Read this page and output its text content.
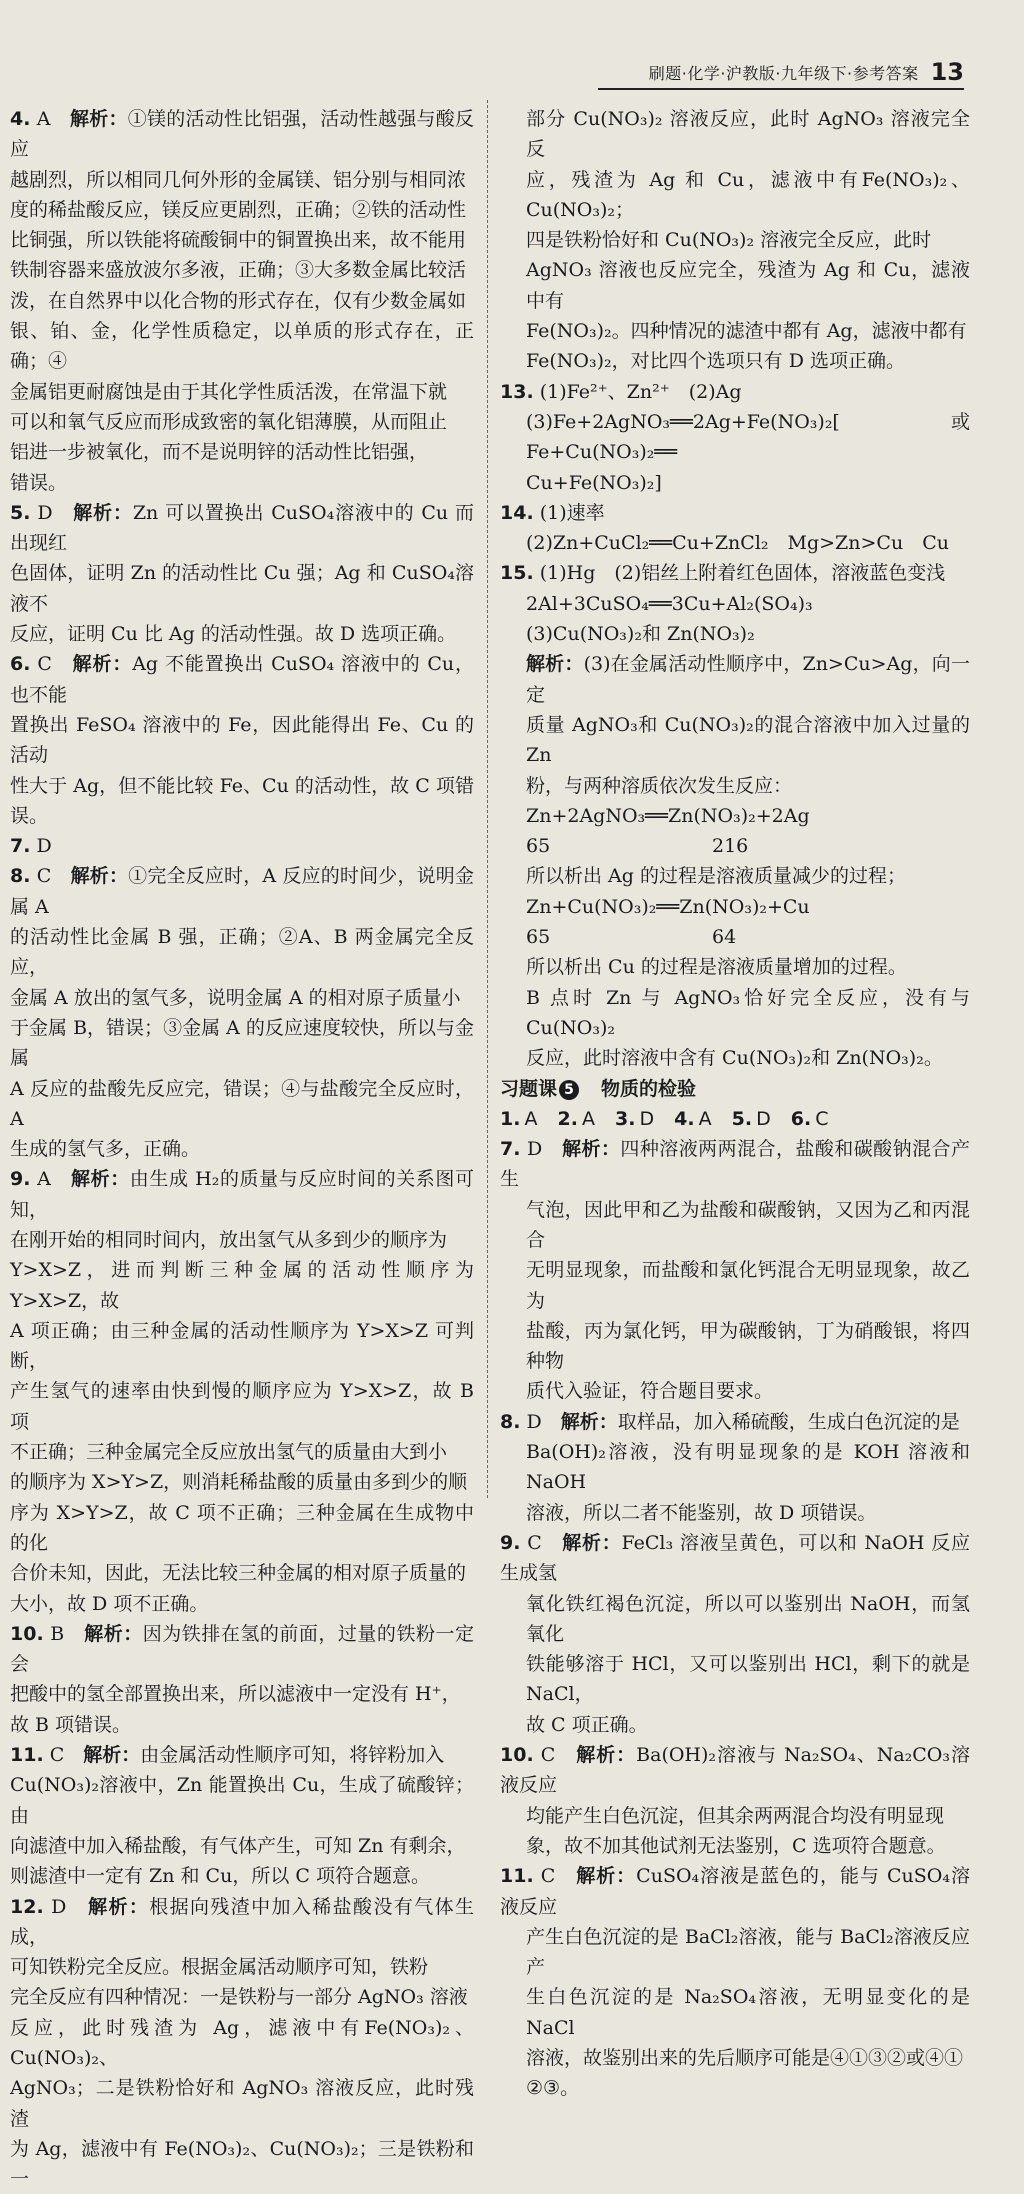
刷题·化学·沪教版·九年级下·参考答案 13

4. A　 解析：①镁的活动性比铝强，活动性越强与酸反应

越剧烈，所以相同几何外形的金属镁、铝分别与相同浓

度的稀盐酸反应，镁反应更剧烈，正确；②铁的活动性

比铜强，所以铁能将硫酸铜中的铜置换出来，故不能用

铁制容器来盛放波尔多液，正确；③大多数金属比较活

泼，在自然界中以化合物的形式存在，仅有少数金属如

银、铂、金，化学性质稳定，以单质的形式存在，正确；④

金属铝更耐腐蚀是由于其化学性质活泼，在常温下就

可以和氧气反应而形成致密的氧化铝薄膜，从而阻止

铝进一步被氧化，而不是说明锌的活动性比铝强，

错误。

5. D　 解析：Zn 可以置换出 CuSO₄溶液中的 Cu 而出现红

色固体，证明 Zn 的活动性比 Cu 强；Ag 和 CuSO₄溶液不

反应，证明 Cu 比 Ag 的活动性强。故 D 选项正确。

6. C　 解析：Ag 不能置换出 CuSO₄ 溶液中的 Cu，也不能

置换出 FeSO₄ 溶液中的 Fe，因此能得出 Fe、Cu 的活动

性大于 Ag，但不能比较 Fe、Cu 的活动性，故 C 项错误。

7. D

8. C　 解析：①完全反应时，A 反应的时间少，说明金属 A

的活动性比金属 B 强，正确；②A、B 两金属完全反应，

金属 A 放出的氢气多，说明金属 A 的相对原子质量小

于金属 B，错误；③金属 A 的反应速度较快，所以与金属

A 反应的盐酸先反应完，错误；④与盐酸完全反应时，A

生成的氢气多，正确。

9. A　 解析：由生成 H₂的质量与反应时间的关系图可知，

在刚开始的相同时间内，放出氢气从多到少的顺序为

Y>X>Z，进而判断三种金属的活动性顺序为 Y>X>Z，故

A 项正确；由三种金属的活动性顺序为 Y>X>Z 可判断，

产生氢气的速率由快到慢的顺序应为 Y>X>Z，故 B 项

不正确；三种金属完全反应放出氢气的质量由大到小

的顺序为 X>Y>Z，则消耗稀盐酸的质量由多到少的顺

序为 X>Y>Z，故 C 项不正确；三种金属在生成物中的化

合价未知，因此，无法比较三种金属的相对原子质量的

大小，故 D 项不正确。

10. B　 解析：因为铁排在氢的前面，过量的铁粉一定会

把酸中的氢全部置换出来，所以滤液中一定没有 H⁺，

故 B 项错误。

11. C　 解析：由金属活动性顺序可知，将锌粉加入

Cu(NO₃)₂溶液中，Zn 能置换出 Cu，生成了硫酸锌；由

向滤渣中加入稀盐酸，有气体产生，可知 Zn 有剩余，

则滤渣中一定有 Zn 和 Cu，所以 C 项符合题意。

12. D　 解析：根据向残渣中加入稀盐酸没有气体生成，

可知铁粉完全反应。根据金属活动顺序可知，铁粉

完全反应有四种情况：一是铁粉与一部分 AgNO₃ 溶液

反应，此时残渣为 Ag，滤液中有Fe(NO₃)₂、Cu(NO₃)₂、

AgNO₃；二是铁粉恰好和 AgNO₃ 溶液反应，此时残渣

为 Ag，滤液中有 Fe(NO₃)₂、Cu(NO₃)₂；三是铁粉和一

部分 Cu(NO₃)₂ 溶液反应，此时 AgNO₃ 溶液完全反

应，残渣为 Ag 和 Cu，滤液中有Fe(NO₃)₂、Cu(NO₃)₂；

四是铁粉恰好和 Cu(NO₃)₂ 溶液完全反应，此时

AgNO₃ 溶液也反应完全，残渣为 Ag 和 Cu，滤液中有

Fe(NO₃)₂。四种情况的滤渣中都有 Ag，滤液中都有

Fe(NO₃)₂，对比四个选项只有 D 选项正确。

13. (1)Fe²⁺、Zn²⁺　(2)Ag

(3)Fe+2AgNO₃══2Ag+Fe(NO₃)₂[或 Fe+Cu(NO₃)₂══

Cu+Fe(NO₃)₂]

14. (1)速率

(2)Zn+CuCl₂══Cu+ZnCl₂　Mg>Zn>Cu　Cu

15. (1)Hg　(2)铝丝上附着红色固体，溶液蓝色变浅

2Al+3CuSO₄══3Cu+Al₂(SO₄)₃

(3)Cu(NO₃)₂和 Zn(NO₃)₂

解析：(3)在金属活动性顺序中，Zn>Cu>Ag，向一定

质量 AgNO₃和 Cu(NO₃)₂的混合溶液中加入过量的 Zn

粉，与两种溶质依次发生反应：

Zn+2AgNO₃══Zn(NO₃)₂+2Ag

65	216

所以析出 Ag 的过程是溶液质量减少的过程；

Zn+Cu(NO₃)₂══Zn(NO₃)₂+Cu

65	64

所以析出 Cu 的过程是溶液质量增加的过程。

B 点时 Zn 与 AgNO₃恰好完全反应，没有与 Cu(NO₃)₂

反应，此时溶液中含有 Cu(NO₃)₂和 Zn(NO₃)₂。

习题课 5 物质的检验

1. A 2. A 3. D 4. A 5. D 6. C

7. D　 解析：四种溶液两两混合，盐酸和碳酸钠混合产生

气泡，因此甲和乙为盐酸和碳酸钠，又因为乙和丙混合

无明显现象，而盐酸和氯化钙混合无明显现象，故乙为

盐酸，丙为氯化钙，甲为碳酸钠，丁为硝酸银，将四种物

质代入验证，符合题目要求。

8. D　 解析：取样品，加入稀硫酸，生成白色沉淀的是

Ba(OH)₂溶液，没有明显现象的是 KOH 溶液和 NaOH

溶液，所以二者不能鉴别，故 D 项错误。

9. C　 解析：FeCl₃ 溶液呈黄色，可以和 NaOH 反应生成氢

氧化铁红褐色沉淀，所以可以鉴别出 NaOH，而氢氧化

铁能够溶于 HCl，又可以鉴别出 HCl，剩下的就是 NaCl，

故 C 项正确。

10. C　 解析：Ba(OH)₂溶液与 Na₂SO₄、Na₂CO₃溶液反应

均能产生白色沉淀，但其余两两混合均没有明显现

象，故不加其他试剂无法鉴别，C 选项符合题意。

11. C　 解析：CuSO₄溶液是蓝色的，能与 CuSO₄溶液反应

产生白色沉淀的是 BaCl₂溶液，能与 BaCl₂溶液反应产

生白色沉淀的是 Na₂SO₄溶液，无明显变化的是 NaCl

溶液，故鉴别出来的先后顺序可能是④①③②或④①

②③。
